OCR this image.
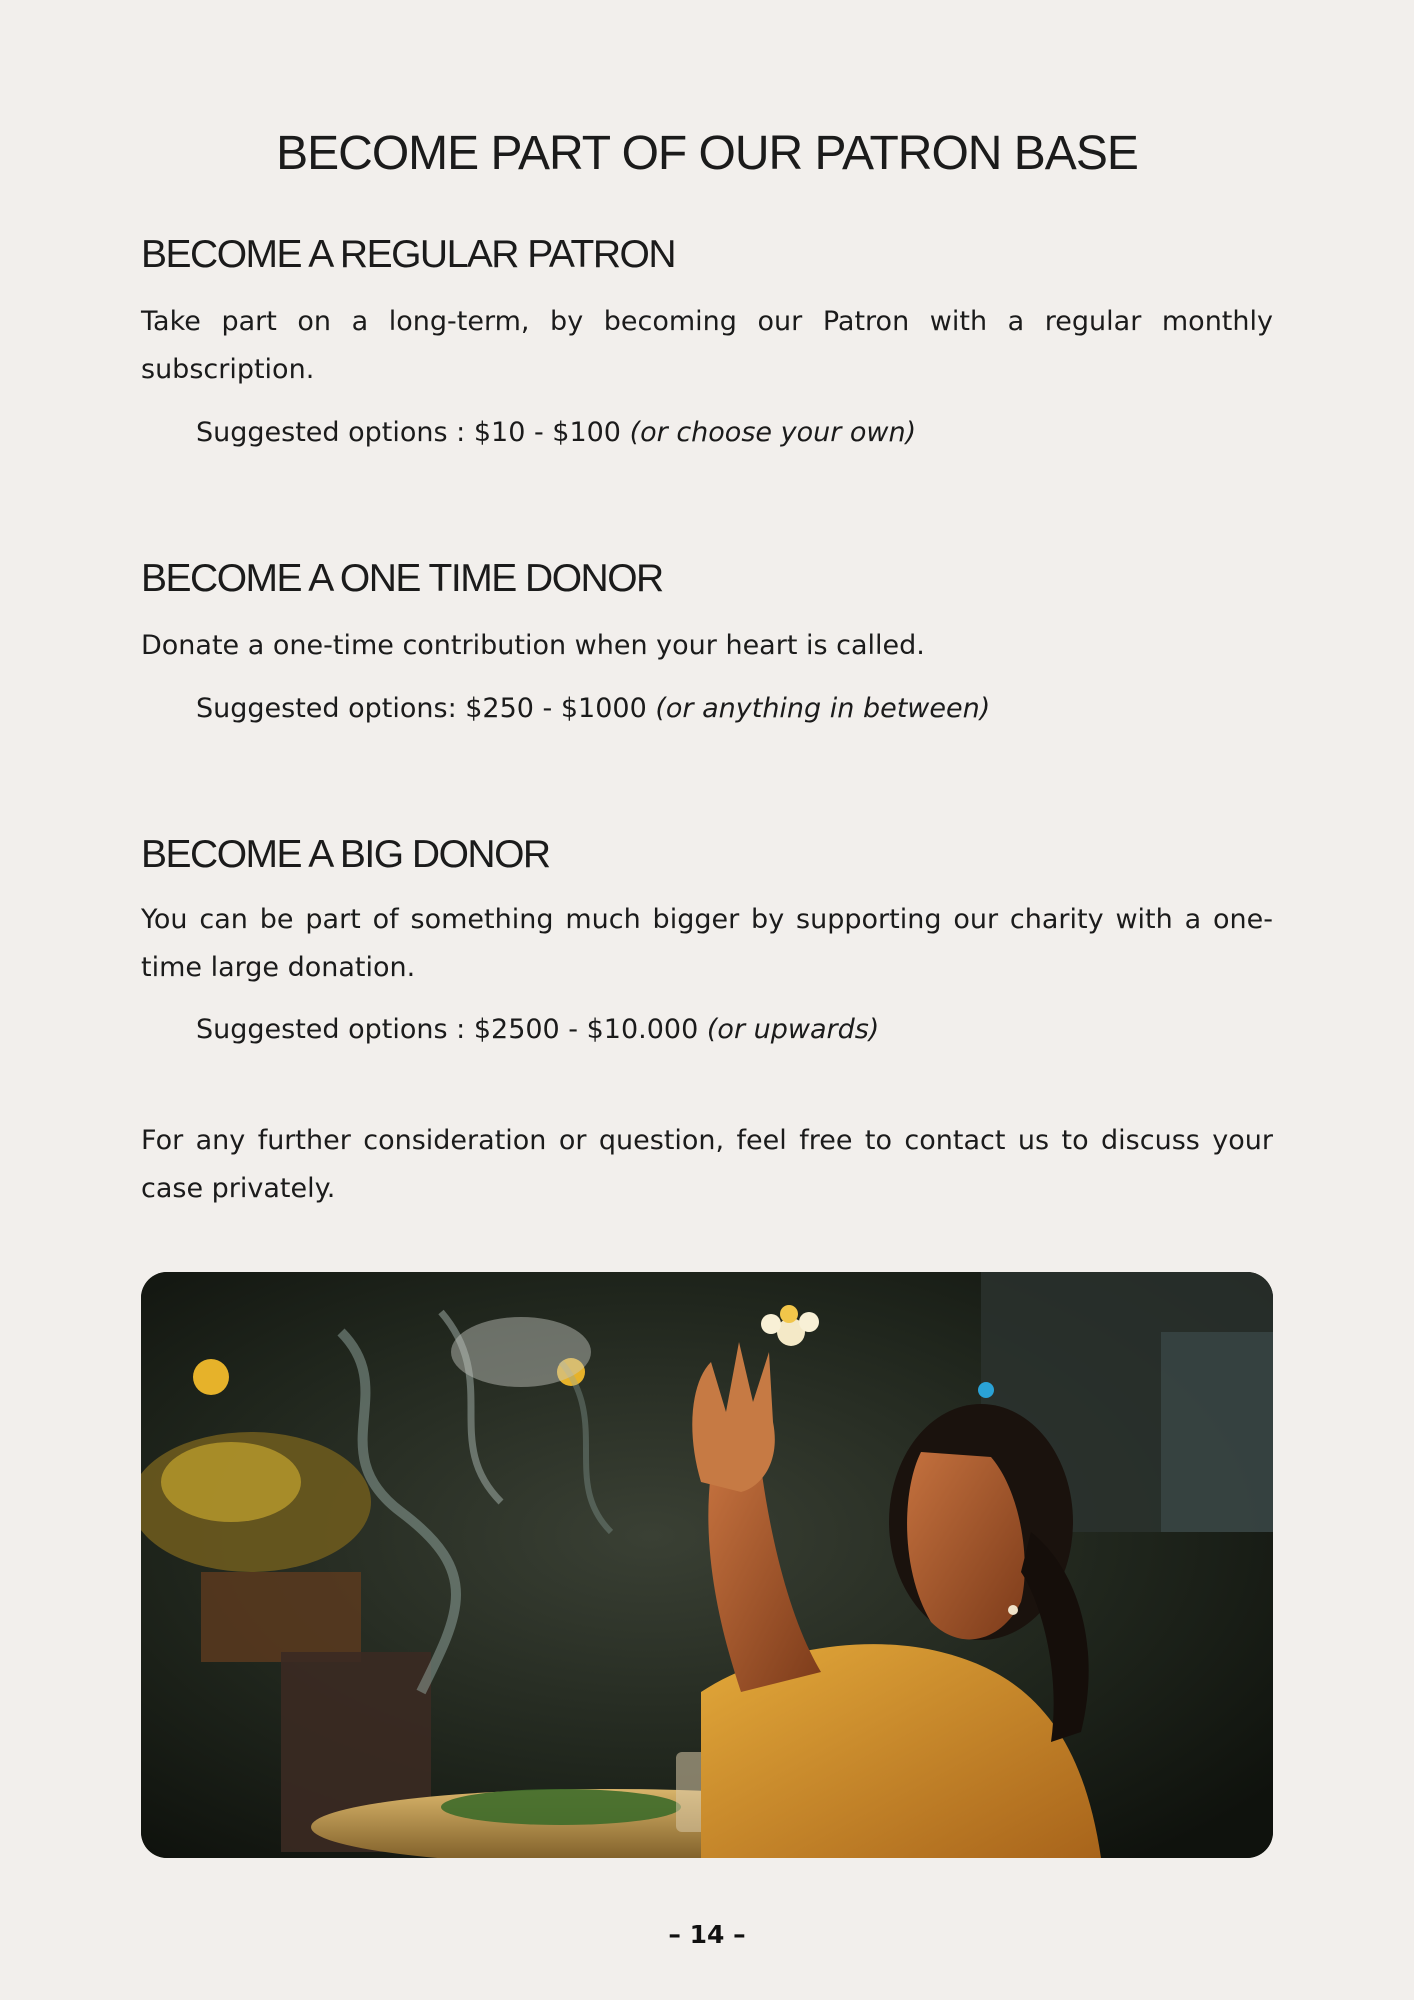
BECOME PART OF OUR PATRON BASE
BECOME A REGULAR PATRON

Take part on a long-term, by becoming our Patron with a regular monthly subscription.

Suggested options : $10 - $100 (or choose your own)

BECOME A ONE TIME DONOR

Donate a one-time contribution when your heart is called.

Suggested options: $250 - $1000 (or anything in between)

BECOME A BIG DONOR

You can be part of something much bigger by supporting our charity with a one-time large donation.

Suggested options : $2500 - $10.000 (or upwards)

For any further consideration or question, feel free to contact us to discuss your case privately.

– 14 –
